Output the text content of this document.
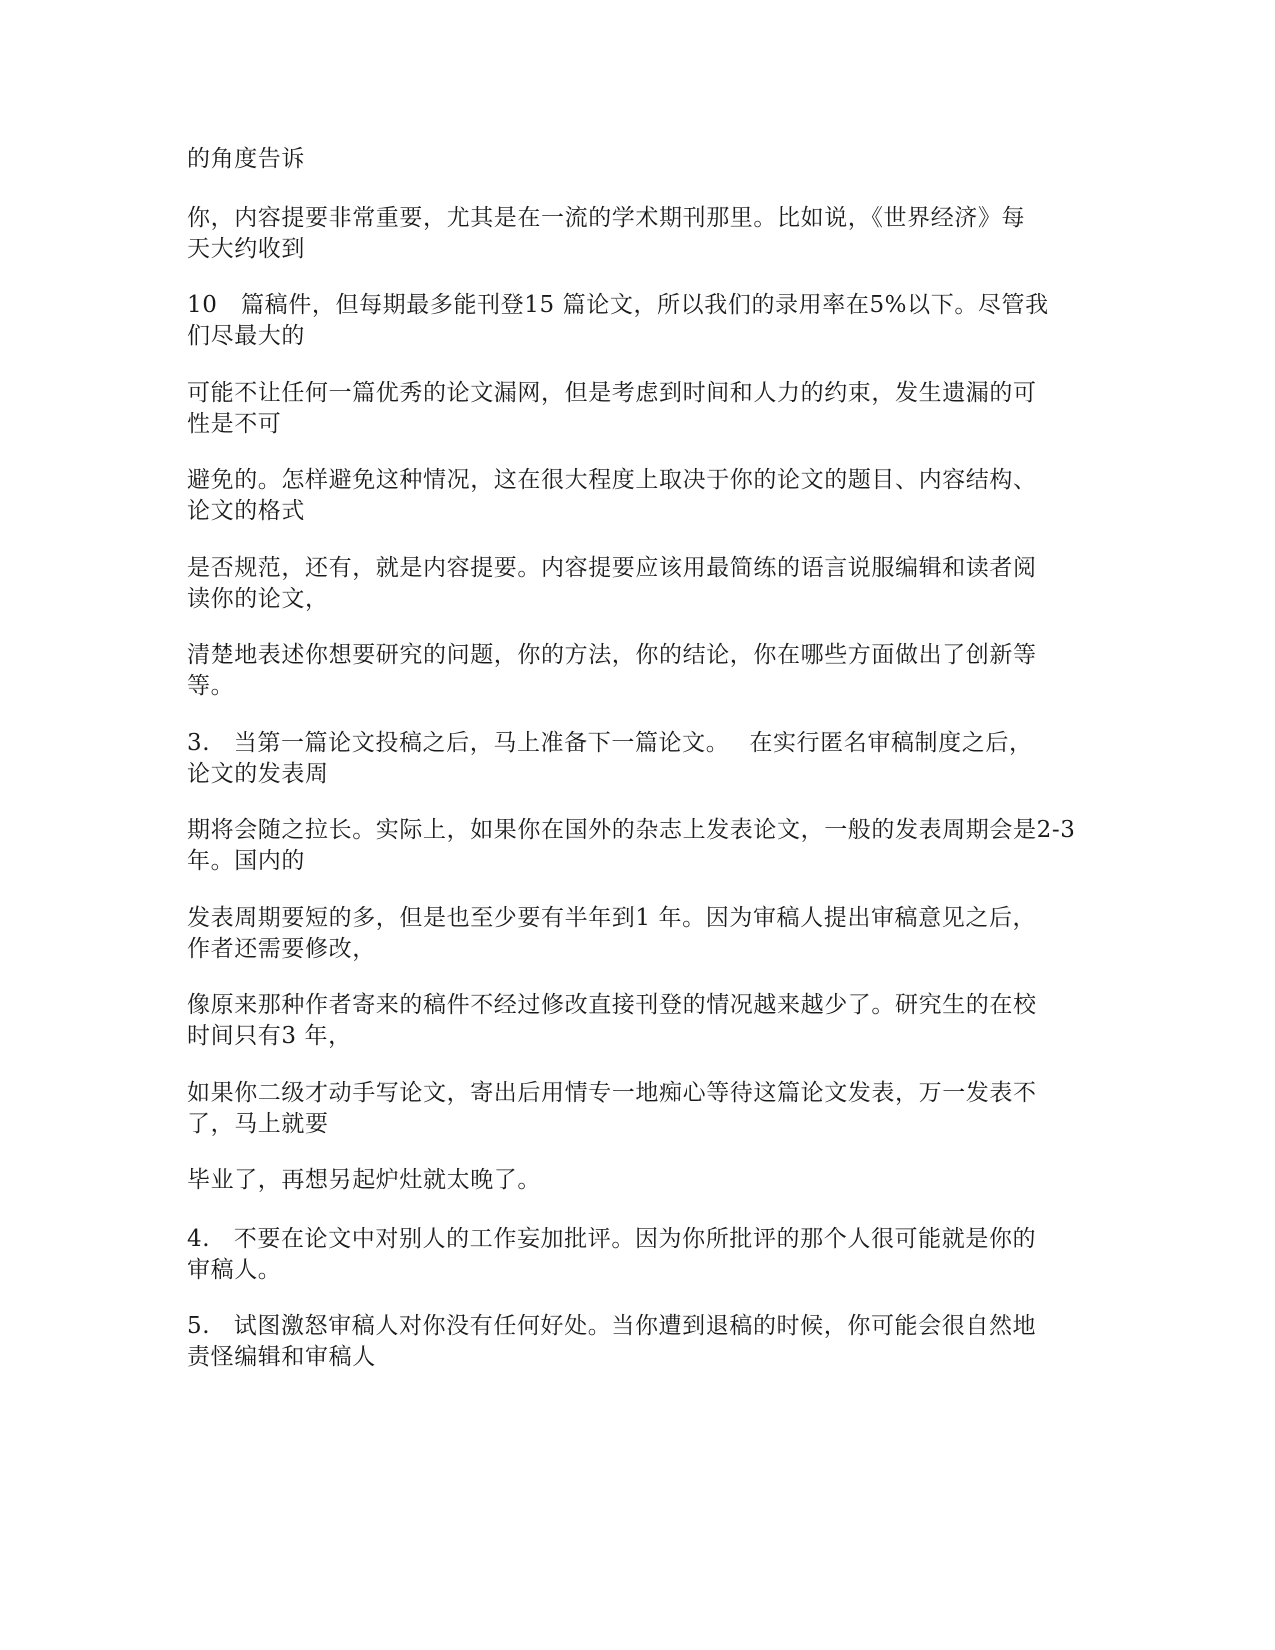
的角度告诉
你，内容提要非常重要，尤其是在一流的学术期刊那里。比如说，《世界经济》每
天大约收到
10　篇稿件，但每期最多能刊登15 篇论文，所以我们的录用率在5%以下。尽管我
们尽最大的
可能不让任何一篇优秀的论文漏网，但是考虑到时间和人力的约束，发生遗漏的可
性是不可
避免的。怎样避免这种情况，这在很大程度上取决于你的论文的题目、内容结构、
论文的格式
是否规范，还有，就是内容提要。内容提要应该用最简练的语言说服编辑和读者阅
读你的论文，
清楚地表述你想要研究的问题，你的方法，你的结论，你在哪些方面做出了创新等
等。
3.　当第一篇论文投稿之后，马上准备下一篇论文。　 在实行匿名审稿制度之后，
论文的发表周
期将会随之拉长。实际上，如果你在国外的杂志上发表论文，一般的发表周期会是2-3
年。国内的
发表周期要短的多，但是也至少要有半年到1 年。因为审稿人提出审稿意见之后，
作者还需要修改，
像原来那种作者寄来的稿件不经过修改直接刊登的情况越来越少了。研究生的在校
时间只有3 年，
如果你二级才动手写论文，寄出后用情专一地痴心等待这篇论文发表，万一发表不
了，马上就要
毕业了，再想另起炉灶就太晚了。
4.　不要在论文中对别人的工作妄加批评。因为你所批评的那个人很可能就是你的
审稿人。
5.　试图激怒审稿人对你没有任何好处。当你遭到退稿的时候，你可能会很自然地
责怪编辑和审稿人
